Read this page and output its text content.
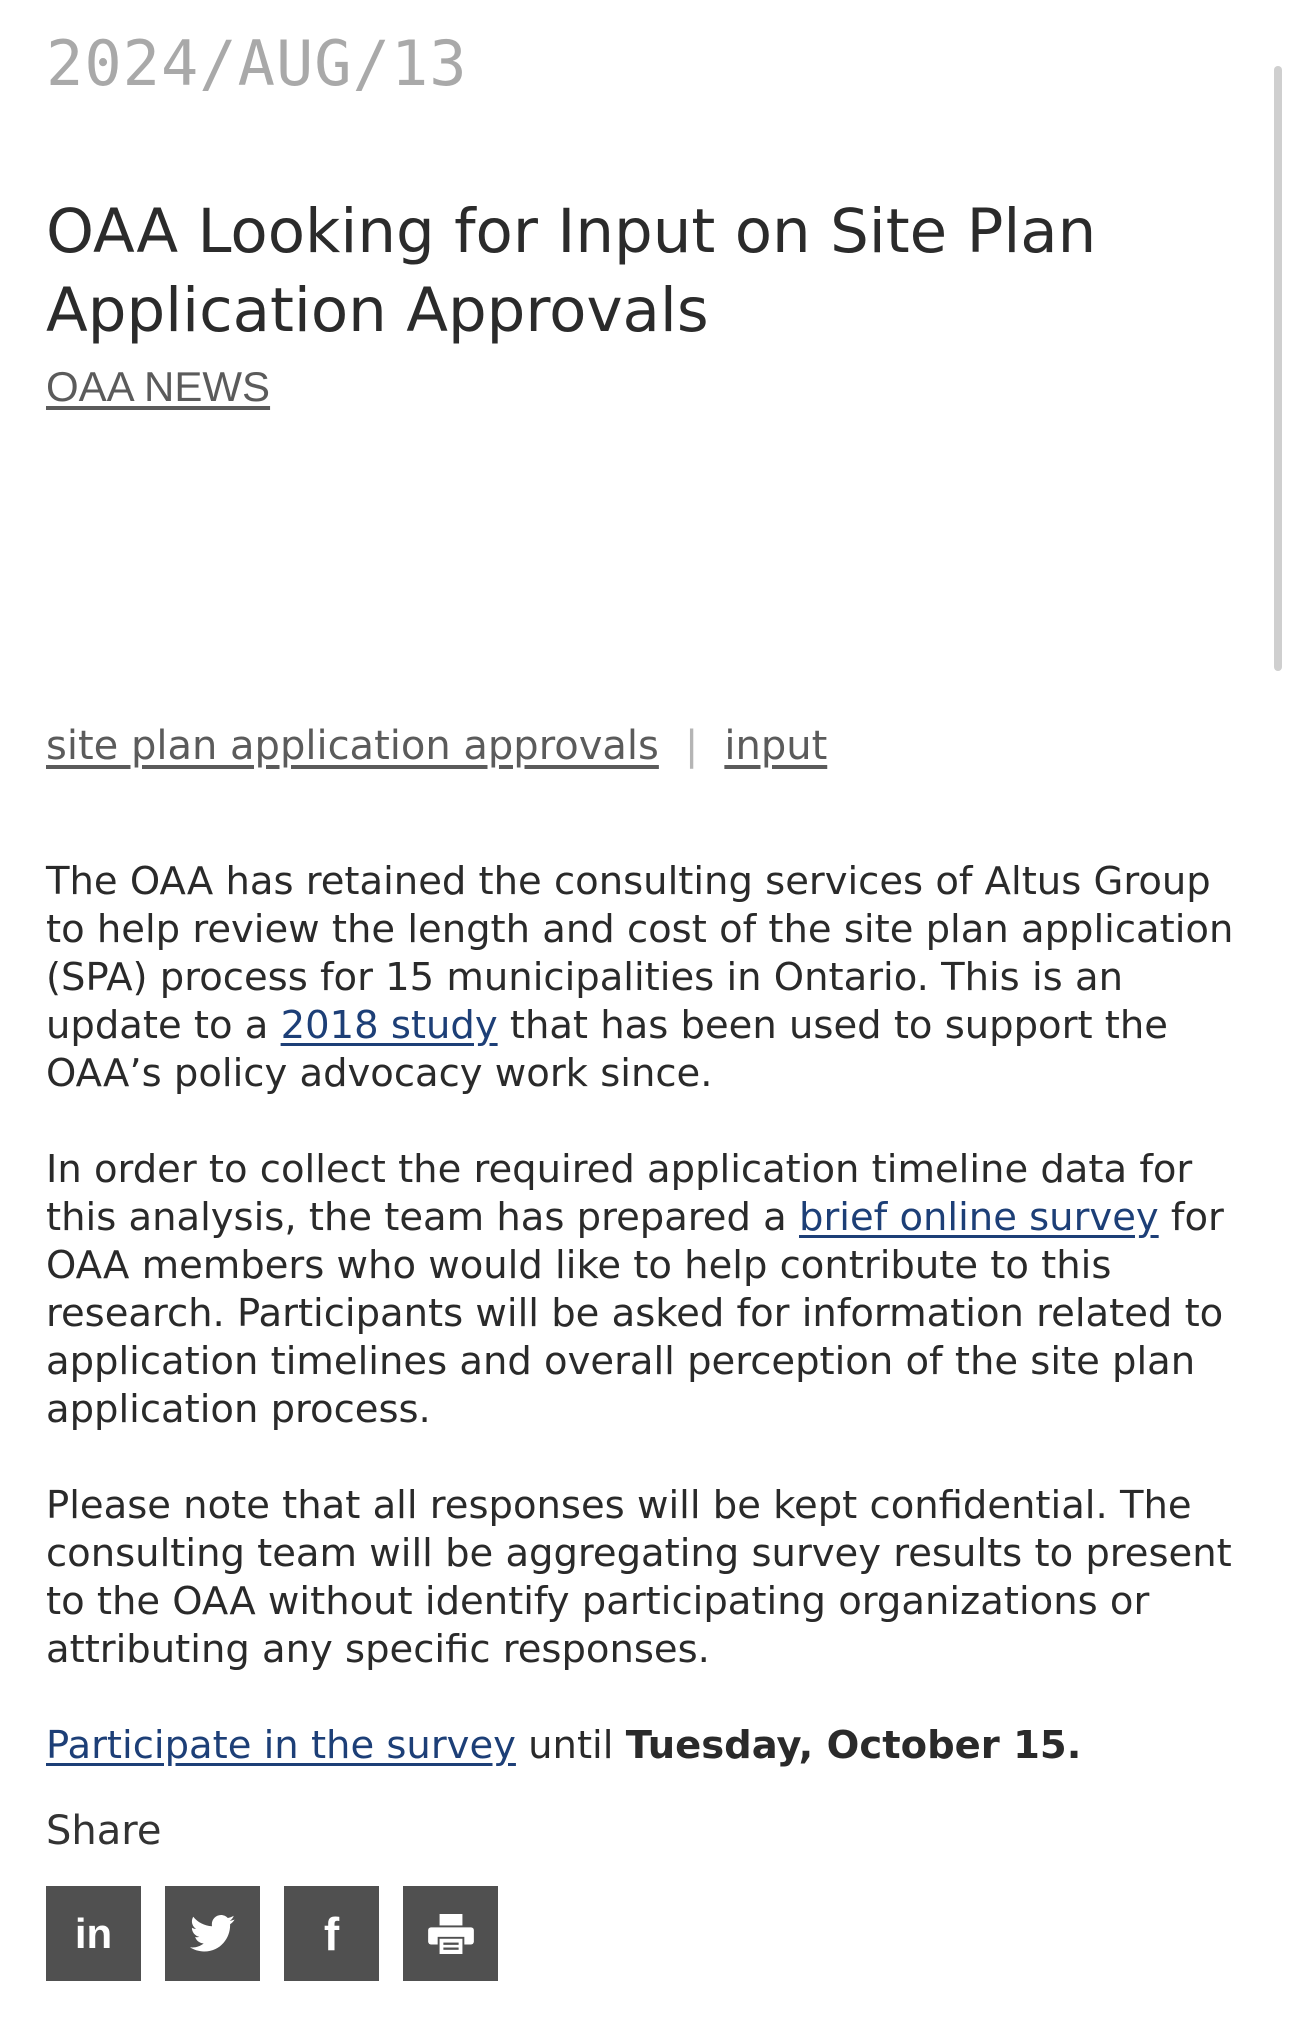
2024/AUG/13
OAA Looking for Input on Site Plan Application Approvals
OAA NEWS
site plan application approvals | input

The OAA has retained the consulting services of Altus Group to help review the length and cost of the site plan application (SPA) process for 15 municipalities in Ontario. This is an update to a 2018 study that has been used to support the OAA’s policy advocacy work since.

In order to collect the required application timeline data for this analysis, the team has prepared a brief online survey for OAA members who would like to help contribute to this research. Participants will be asked for information related to application timelines and overall perception of the site plan application process.

Please note that all responses will be kept confidential. The consulting team will be aggregating survey results to present to the OAA without identify participating organizations or attributing any specific responses.

Participate in the survey until Tuesday, October 15.

Share
in	f
